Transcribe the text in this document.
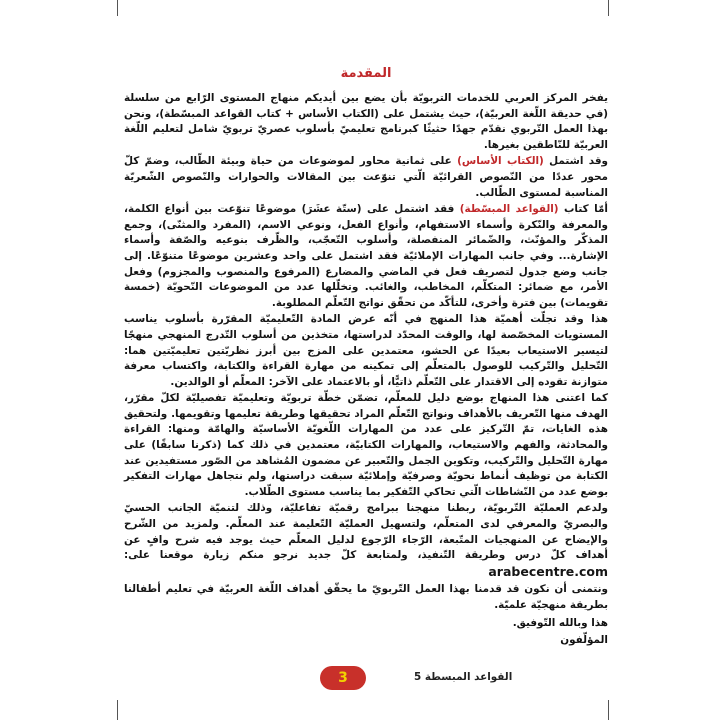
المقدمة

يفخر المركز العربي للخدمات التربويّة بأن يضع بين أيديكم منهاج المستوى الرّابع من سلسلة (في حديقة اللّغة العربيّة)، حيث يشتمل على (الكتاب الأساس + كتاب القواعد المبسّطة)، ونحن بهذا العمل التّربوي نقدّم جهدًا حثيثًا كبرنامج تعليميّ بأسلوب عصريّ تربويّ شامل لتعليم اللّغة العربيّة للنّاطقين بغيرها.

وقد اشتمل (الكتاب الأساس) على ثمانية محاور لموضوعات من حياة وبيئة الطّالب، وضمّ كلّ محور عددًا من النّصوص القرائيّة الّتي تنوّعت بين المقالات والحوارات والنّصوص الشّعريّة المناسبة لمستوى الطّالب.

أمّا كتاب (القواعد المبسّطة) فقد اشتمل على (ستّة عشَرَ) موضوعًا تنوّعت بين أنواع الكلمة، والمعرفة والنّكرة وأسماء الاستفهام، وأنواع الفعل، ونوعي الاسم، (المفرد والمثنّى)، وجمع المذكّر والمؤنّث، والضّمائر المنفصلة، وأسلوب التّعجّب، والظّرف بنوعيه والصّفة وأسماء الإشارة... وفي جانب المهارات الإملائيّة فقد اشتمل على واحد وعشرين موضوعًا متنوّعًا. إلى جانب وضع جدول لتصريف فعل في الماضي والمضارع (المرفوع والمنصوب والمجزوم) وفعل الأمر، مع ضمائر: المتكلّم، المخاطب، والغائب. وتخلّلها عدد من الموضوعات النّحويّة (خمسة تقويمات) بين فترة وأخرى، للتأكّد من تحقّق نواتج التّعلّم المطلوبة.

هذا وقد تجلّت أهميّة هذا المنهج في أنّه عرض المادة التّعليميّة المقرّرة بأسلوب يناسب المستويات المخصّصة لها، والوقت المحدّد لدراستها، متخذين من أسلوب التّدرج المنهجي منهجًا لتيسير الاستيعاب بعيدًا عن الحشو، معتمدين على المزج بين أبرز نظريّتين تعليميّتين هما: التّحليل والتّركيب للوصول بالمتعلّم إلى تمكينه من مهارة القراءة والكتابة، واكتساب معرفة متوازنة تقوده إلى الاقتدار على التّعلّم ذاتيًّا، أو بالاعتماد على الآخر: المعلّم أو الوالدين.

كما اعتنى هذا المنهاج بوضع دليل للمعلّم، تضمّن خطّة تربويّة وتعليميّة تفصيليّة لكلّ مقرّر، الهدف منها التّعريف بالأهداف ونواتج التّعلّم المراد تحقيقها وطريقة تعليمها وتقويمها. ولتحقيق هذه الغايات، تمّ التّركيز على عدد من المهارات اللّغويّة الأساسيّة والهامّة ومنها: القراءة والمحادثة، والفهم والاستيعاب، والمهارات الكتابيّة، معتمدين في ذلك كما (ذكرنا سابقًا) على مهارة التّحليل والتّركيب، وتكوين الجمل والتّعبير عن مضمون المُشاهد من الصّور مستفيدين عند الكتابة من توظيف أنماط نحويّة وصرفيّة وإملائيّة سبقت دراستها، ولم نتجاهل مهارات التفكير بوضع عدد من النّشاطات الّتي تحاكي التّفكير بما يناسب مستوى الطّلاب.

ولدعم العمليّة التّربويّة، ربطنا منهجنا ببرامج رقميّة تفاعليّة، وذلك لتنميّة الجانب الحسيّ والبصريّ والمعرفي لدى المتعلّم، ولتسهيل العمليّة التّعليمة عند المعلّم. ولمزيد من الشّرح والإيضاح عن المنهجيات المتّبعة، الرّجاء الرّجوع لدليل المعلّم حيث يوجد فيه شرح وافٍ عن أهداف كلّ درس وطريقة التّنفيذ، ولمتابعة كلّ جديد نرجو منكم زيارة موقعنا على: arabecentre.com

ونتمنى أن نكون قد قدمنا بهذا العمل التّربويّ ما يحقّق أهداف اللّغة العربيّة في تعليم أطفالنا بطريقة منهجيّة علميّة.

هذا وبالله التّوفيق.

المؤلّفون

3	القواعد المبسطة 5
